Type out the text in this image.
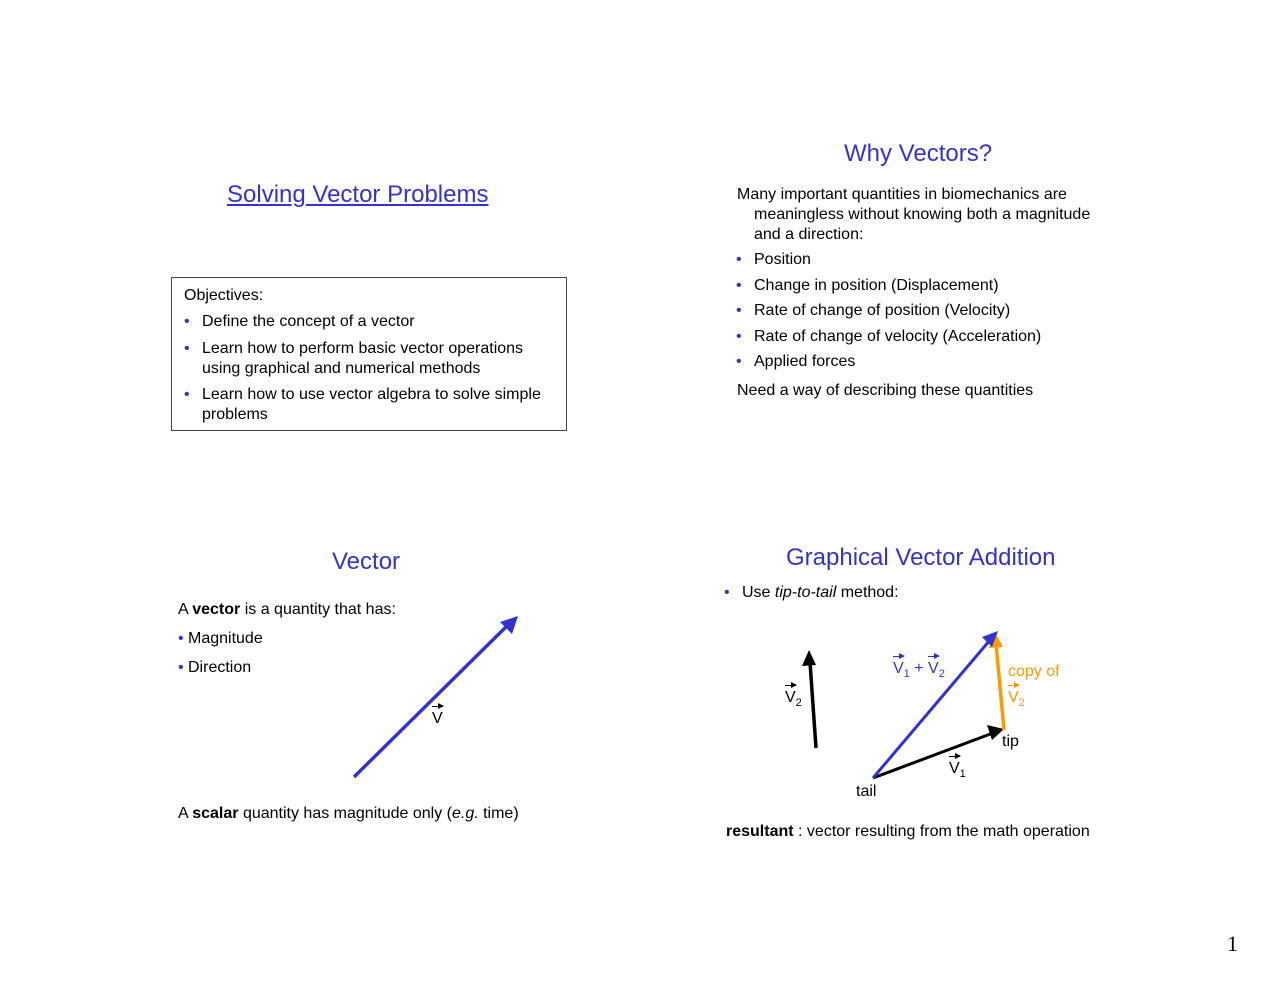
Solving Vector Problems
Objectives:
• Define the concept of a vector
• Learn how to perform basic vector operations
using graphical and numerical methods
• Learn how to use vector algebra to solve simple
problems
Why Vectors?
Many important quantities in biomechanics are
meaningless without knowing both a magnitude
and a direction:
• Position
• Change in position (Displacement)
• Rate of change of position (Velocity)
• Rate of change of velocity (Acceleration)
• Applied forces
Need a way of describing these quantities
Vector
A vector is a quantity that has:
• Magnitude
• Direction
V
A scalar quantity has magnitude only (e.g. time)
Graphical Vector Addition
• Use tip-to-tail method:
$V_2$
$V_1 + V_2$	copy of
$V_2$
tip
$V_1$
tail
resultant : vector resulting from the math operation
1
